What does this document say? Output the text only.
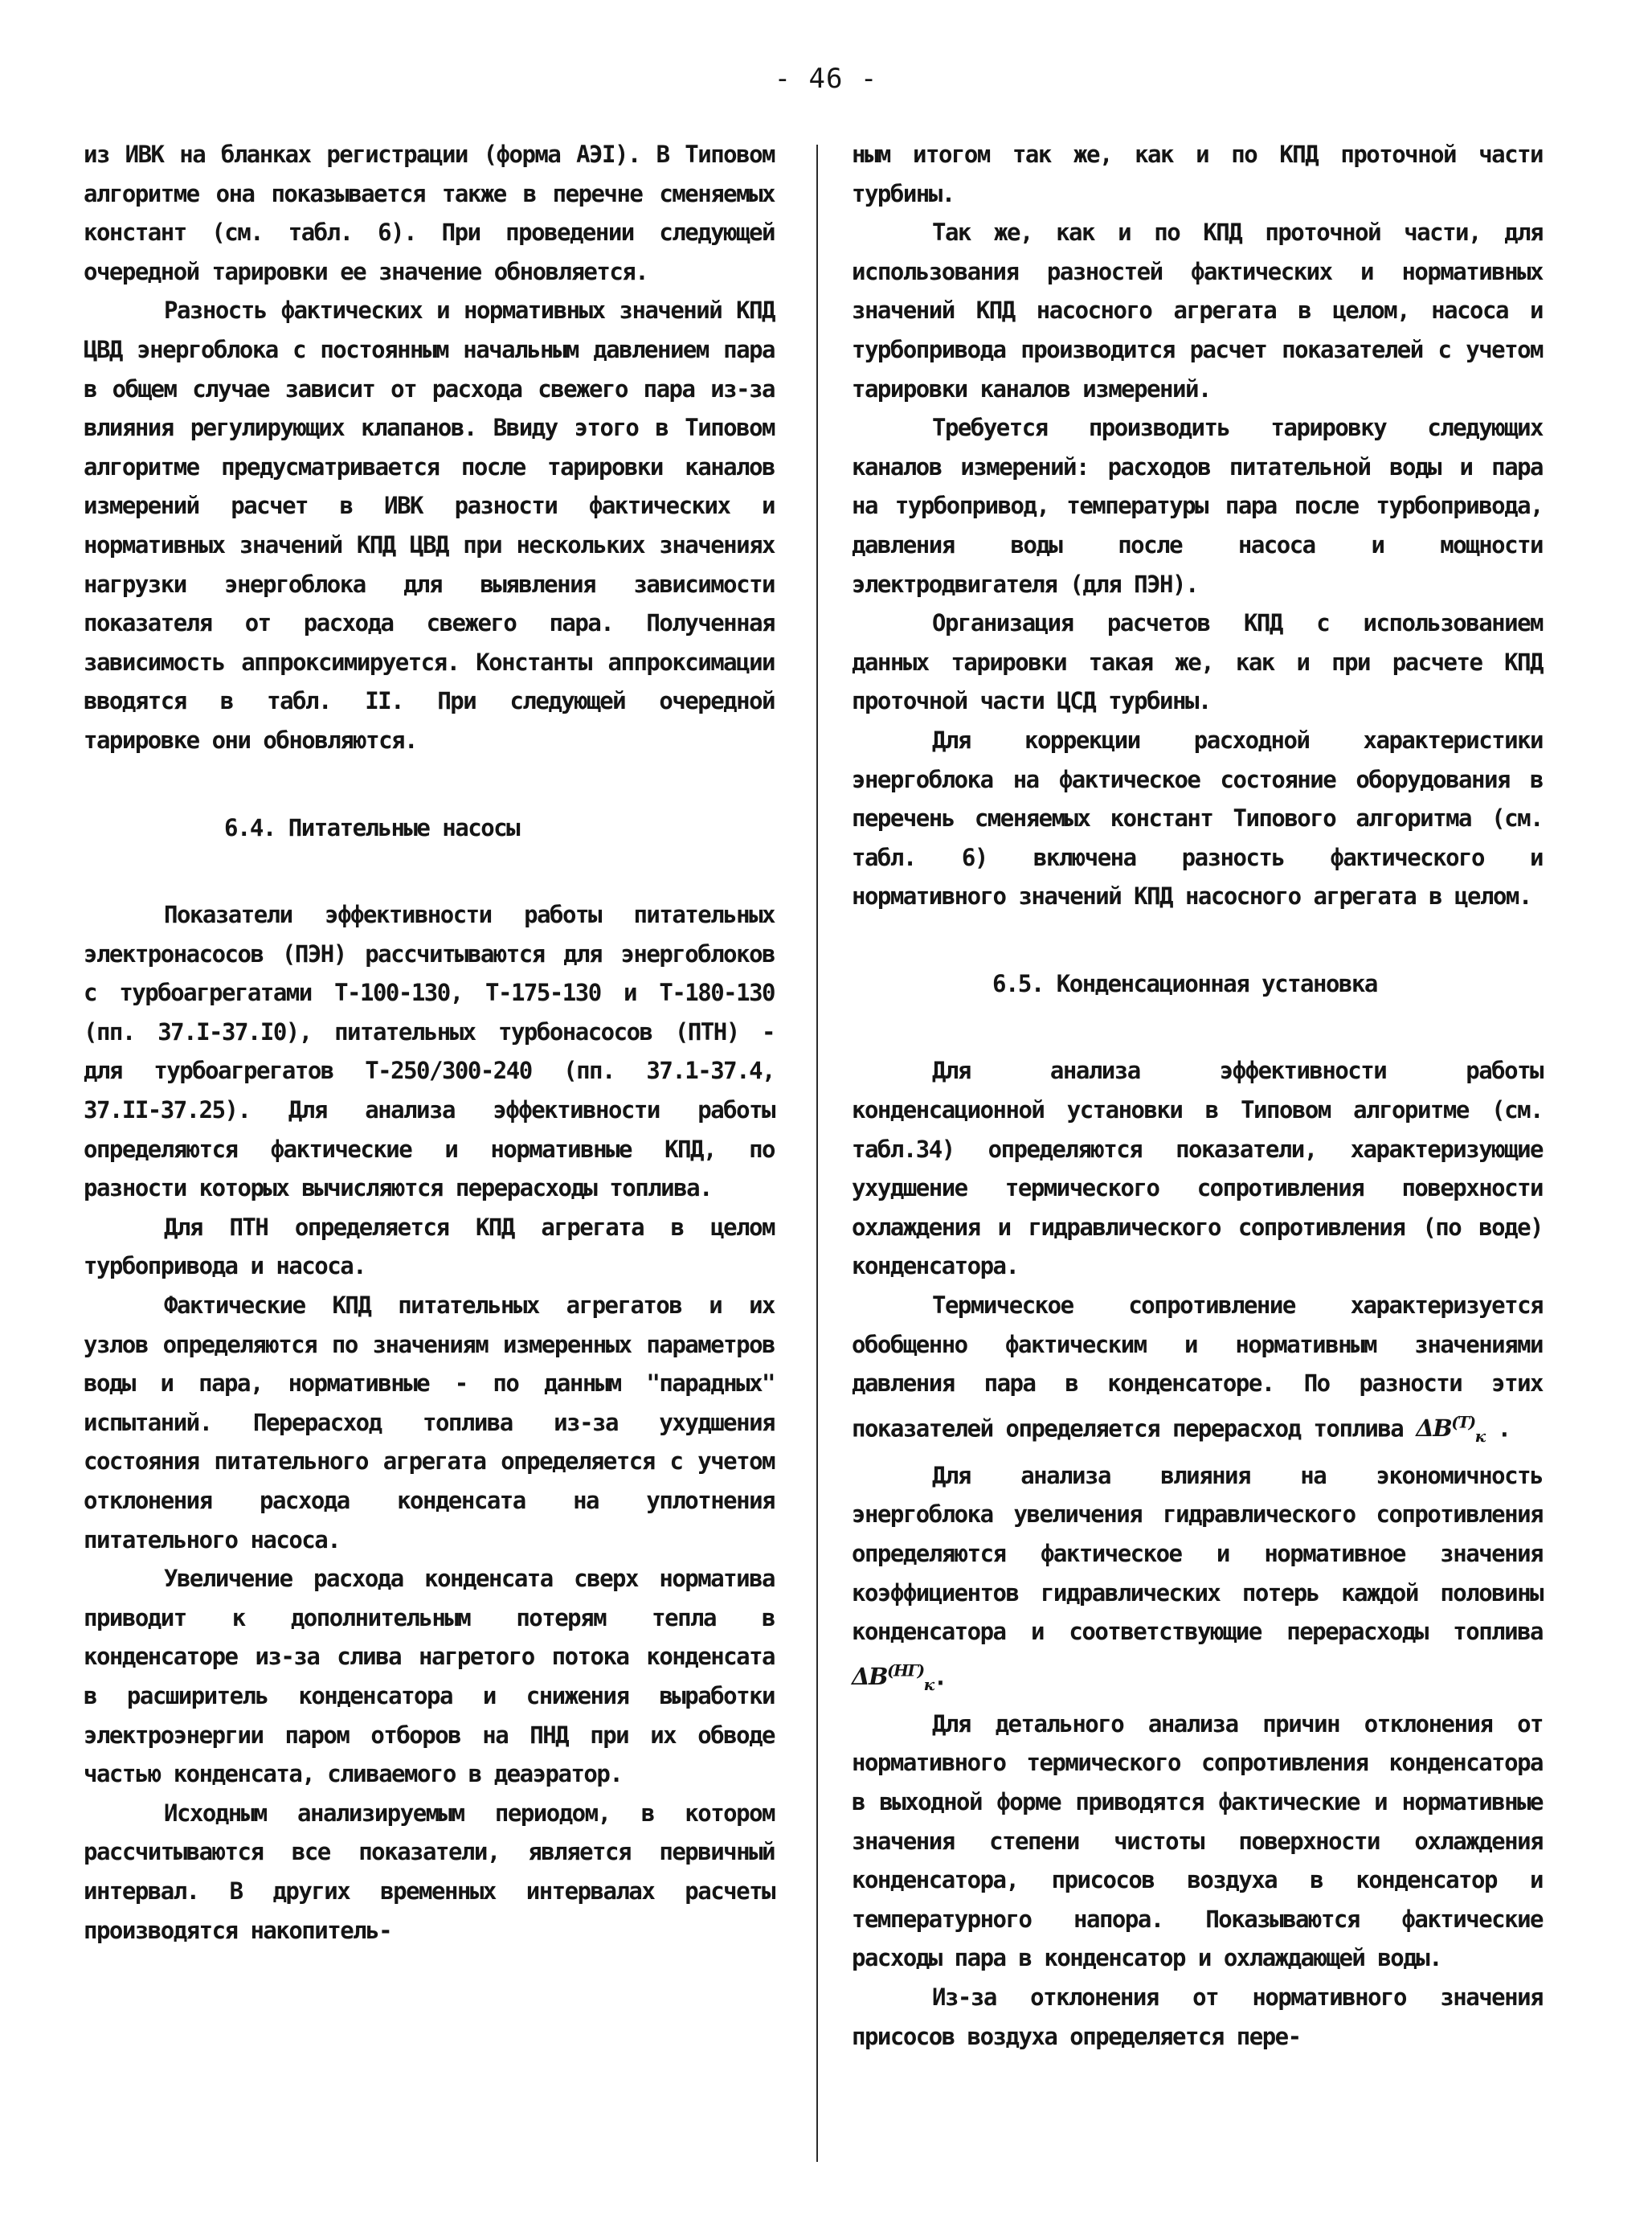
- 46 -

из ИВК на бланках регистрации (форма АЭI). В Типовом алгоритме она показывается также в перечне сменяемых констант (см. табл. 6). При проведении следующей очередной тарировки ее значение обновляется.

Разность фактических и нормативных значений КПД ЦВД энергоблока с постоянным начальным давлением пара в общем случае зависит от расхода свежего пара из-за влияния регулирующих клапанов. Ввиду этого в Типовом алгоритме предусматривается после тарировки каналов измерений расчет в ИВК разности фактических и нормативных значений КПД ЦВД при нескольких значениях нагрузки энергоблока для выявления зависимости показателя от расхода свежего пара. Полученная зависимость аппроксимируется. Константы аппроксимации вводятся в табл. II. При следующей очередной тарировке они обновляются.

6.4. Питательные насосы

Показатели эффективности работы питательных электронасосов (ПЭН) рассчитываются для энергоблоков с турбоагрегатами Т-100-130, Т-175-130 и Т-180-130 (пп. 37.I-37.I0), питательных турбонасосов (ПТН) - для турбоагрегатов Т-250/300-240 (пп. 37.1-37.4, 37.II-37.25). Для анализа эффективности работы определяются фактические и нормативные КПД, по разности которых вычисляются перерасходы топлива.

Для ПТН определяется КПД агрегата в целом турбопривода и насоса.

Фактические КПД питательных агрегатов и их узлов определяются по значениям измеренных параметров воды и пара, нормативные - по данным "парадных" испытаний. Перерасход топлива из-за ухудшения состояния питательного агрегата определяется с учетом отклонения расхода конденсата на уплотнения питательного насоса.

Увеличение расхода конденсата сверх норматива приводит к дополнительным потерям тепла в конденсаторе из-за слива нагретого потока конденсата в расширитель конденсатора и снижения выработки электроэнергии паром отборов на ПНД при их обводе частью конденсата, сливаемого в деаэратор.

Исходным анализируемым периодом, в котором рассчитываются все показатели, является первичный интервал. В других временных интервалах расчеты производятся накопитель-

ным итогом так же, как и по КПД проточной части турбины.

Так же, как и по КПД проточной части, для использования разностей фактических и нормативных значений КПД насосного агрегата в целом, насоса и турбопривода производится расчет показателей с учетом тарировки каналов измерений.

Требуется производить тарировку следующих каналов измерений: расходов питательной воды и пара на турбопривод, температуры пара после турбопривода, давления воды после насоса и мощности электродвигателя (для ПЭН).

Организация расчетов КПД с использованием данных тарировки такая же, как и при расчете КПД проточной части ЦСД турбины.

Для коррекции расходной характеристики энергоблока на фактическое состояние оборудования в перечень сменяемых констант Типового алгоритма (см. табл. 6) включена разность фактического и нормативного значений КПД насосного агрегата в целом.

6.5. Конденсационная установка

Для анализа эффективности работы конденсационной установки в Типовом алгоритме (см. табл.34) определяются показатели, характеризующие ухудшение термического сопротивления поверхности охлаждения и гидравлического сопротивления (по воде) конденсатора.

Термическое сопротивление характеризуется обобщенно фактическим и нормативным значениями давления пара в конденсаторе. По разности этих показателей определяется перерасход топлива $\Delta B^{(T)}_к$ .

Для анализа влияния на экономичность энергоблока увеличения гидравлического сопротивления определяются фактическое и нормативное значения коэффициентов гидравлических потерь каждой половины конденсатора и соответствующие перерасходы топлива $\Delta B^{(НГ)}_к$.

Для детального анализа причин отклонения от нормативного термического сопротивления конденсатора в выходной форме приводятся фактические и нормативные значения степени чистоты поверхности охлаждения конденсатора, присосов воздуха в конденсатор и температурного напора. Показываются фактические расходы пара в конденсатор и охлаждающей воды.

Из-за отклонения от нормативного значения присосов воздуха определяется пере-
